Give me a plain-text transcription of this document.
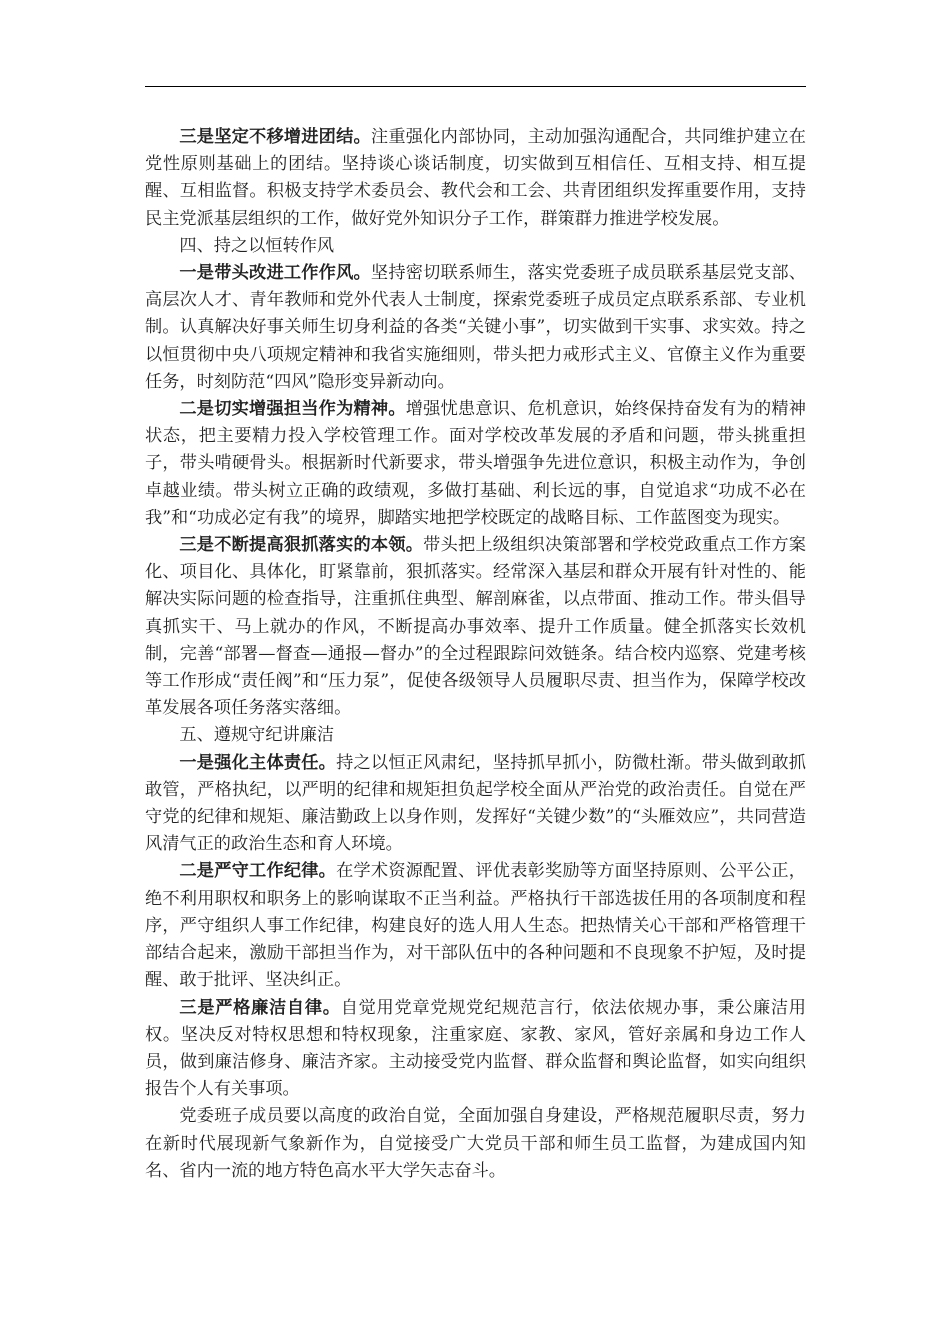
三是坚定不移增进团结。注重强化内部协同，主动加强沟通配合，共同维护建立在党性原则基础上的团结。坚持谈心谈话制度，切实做到互相信任、互相支持、相互提醒、互相监督。积极支持学术委员会、教代会和工会、共青团组织发挥重要作用，支持民主党派基层组织的工作，做好党外知识分子工作，群策群力推进学校发展。

四、持之以恒转作风

一是带头改进工作作风。坚持密切联系师生，落实党委班子成员联系基层党支部、高层次人才、青年教师和党外代表人士制度，探索党委班子成员定点联系系部、专业机制。认真解决好事关师生切身利益的各类“关键小事”，切实做到干实事、求实效。持之以恒贯彻中央八项规定精神和我省实施细则，带头把力戒形式主义、官僚主义作为重要任务，时刻防范“四风”隐形变异新动向。

二是切实增强担当作为精神。增强忧患意识、危机意识，始终保持奋发有为的精神状态，把主要精力投入学校管理工作。面对学校改革发展的矛盾和问题，带头挑重担子，带头啃硬骨头。根据新时代新要求，带头增强争先进位意识，积极主动作为，争创卓越业绩。带头树立正确的政绩观，多做打基础、利长远的事，自觉追求“功成不必在我”和“功成必定有我”的境界，脚踏实地把学校既定的战略目标、工作蓝图变为现实。

三是不断提高狠抓落实的本领。带头把上级组织决策部署和学校党政重点工作方案化、项目化、具体化，盯紧靠前，狠抓落实。经常深入基层和群众开展有针对性的、能解决实际问题的检查指导，注重抓住典型、解剖麻雀，以点带面、推动工作。带头倡导真抓实干、马上就办的作风，不断提高办事效率、提升工作质量。健全抓落实长效机制，完善“部署—督查—通报—督办”的全过程跟踪问效链条。结合校内巡察、党建考核等工作形成“责任阀”和“压力泵”，促使各级领导人员履职尽责、担当作为，保障学校改革发展各项任务落实落细。

五、遵规守纪讲廉洁

一是强化主体责任。持之以恒正风肃纪，坚持抓早抓小，防微杜渐。带头做到敢抓敢管，严格执纪，以严明的纪律和规矩担负起学校全面从严治党的政治责任。自觉在严守党的纪律和规矩、廉洁勤政上以身作则，发挥好“关键少数”的“头雁效应”，共同营造风清气正的政治生态和育人环境。

二是严守工作纪律。在学术资源配置、评优表彰奖励等方面坚持原则、公平公正，绝不利用职权和职务上的影响谋取不正当利益。严格执行干部选拔任用的各项制度和程序，严守组织人事工作纪律，构建良好的选人用人生态。把热情关心干部和严格管理干部结合起来，激励干部担当作为，对干部队伍中的各种问题和不良现象不护短，及时提醒、敢于批评、坚决纠正。

三是严格廉洁自律。自觉用党章党规党纪规范言行，依法依规办事，秉公廉洁用权。坚决反对特权思想和特权现象，注重家庭、家教、家风，管好亲属和身边工作人员，做到廉洁修身、廉洁齐家。主动接受党内监督、群众监督和舆论监督，如实向组织报告个人有关事项。

党委班子成员要以高度的政治自觉，全面加强自身建设，严格规范履职尽责，努力在新时代展现新气象新作为，自觉接受广大党员干部和师生员工监督，为建成国内知名、省内一流的地方特色高水平大学矢志奋斗。
